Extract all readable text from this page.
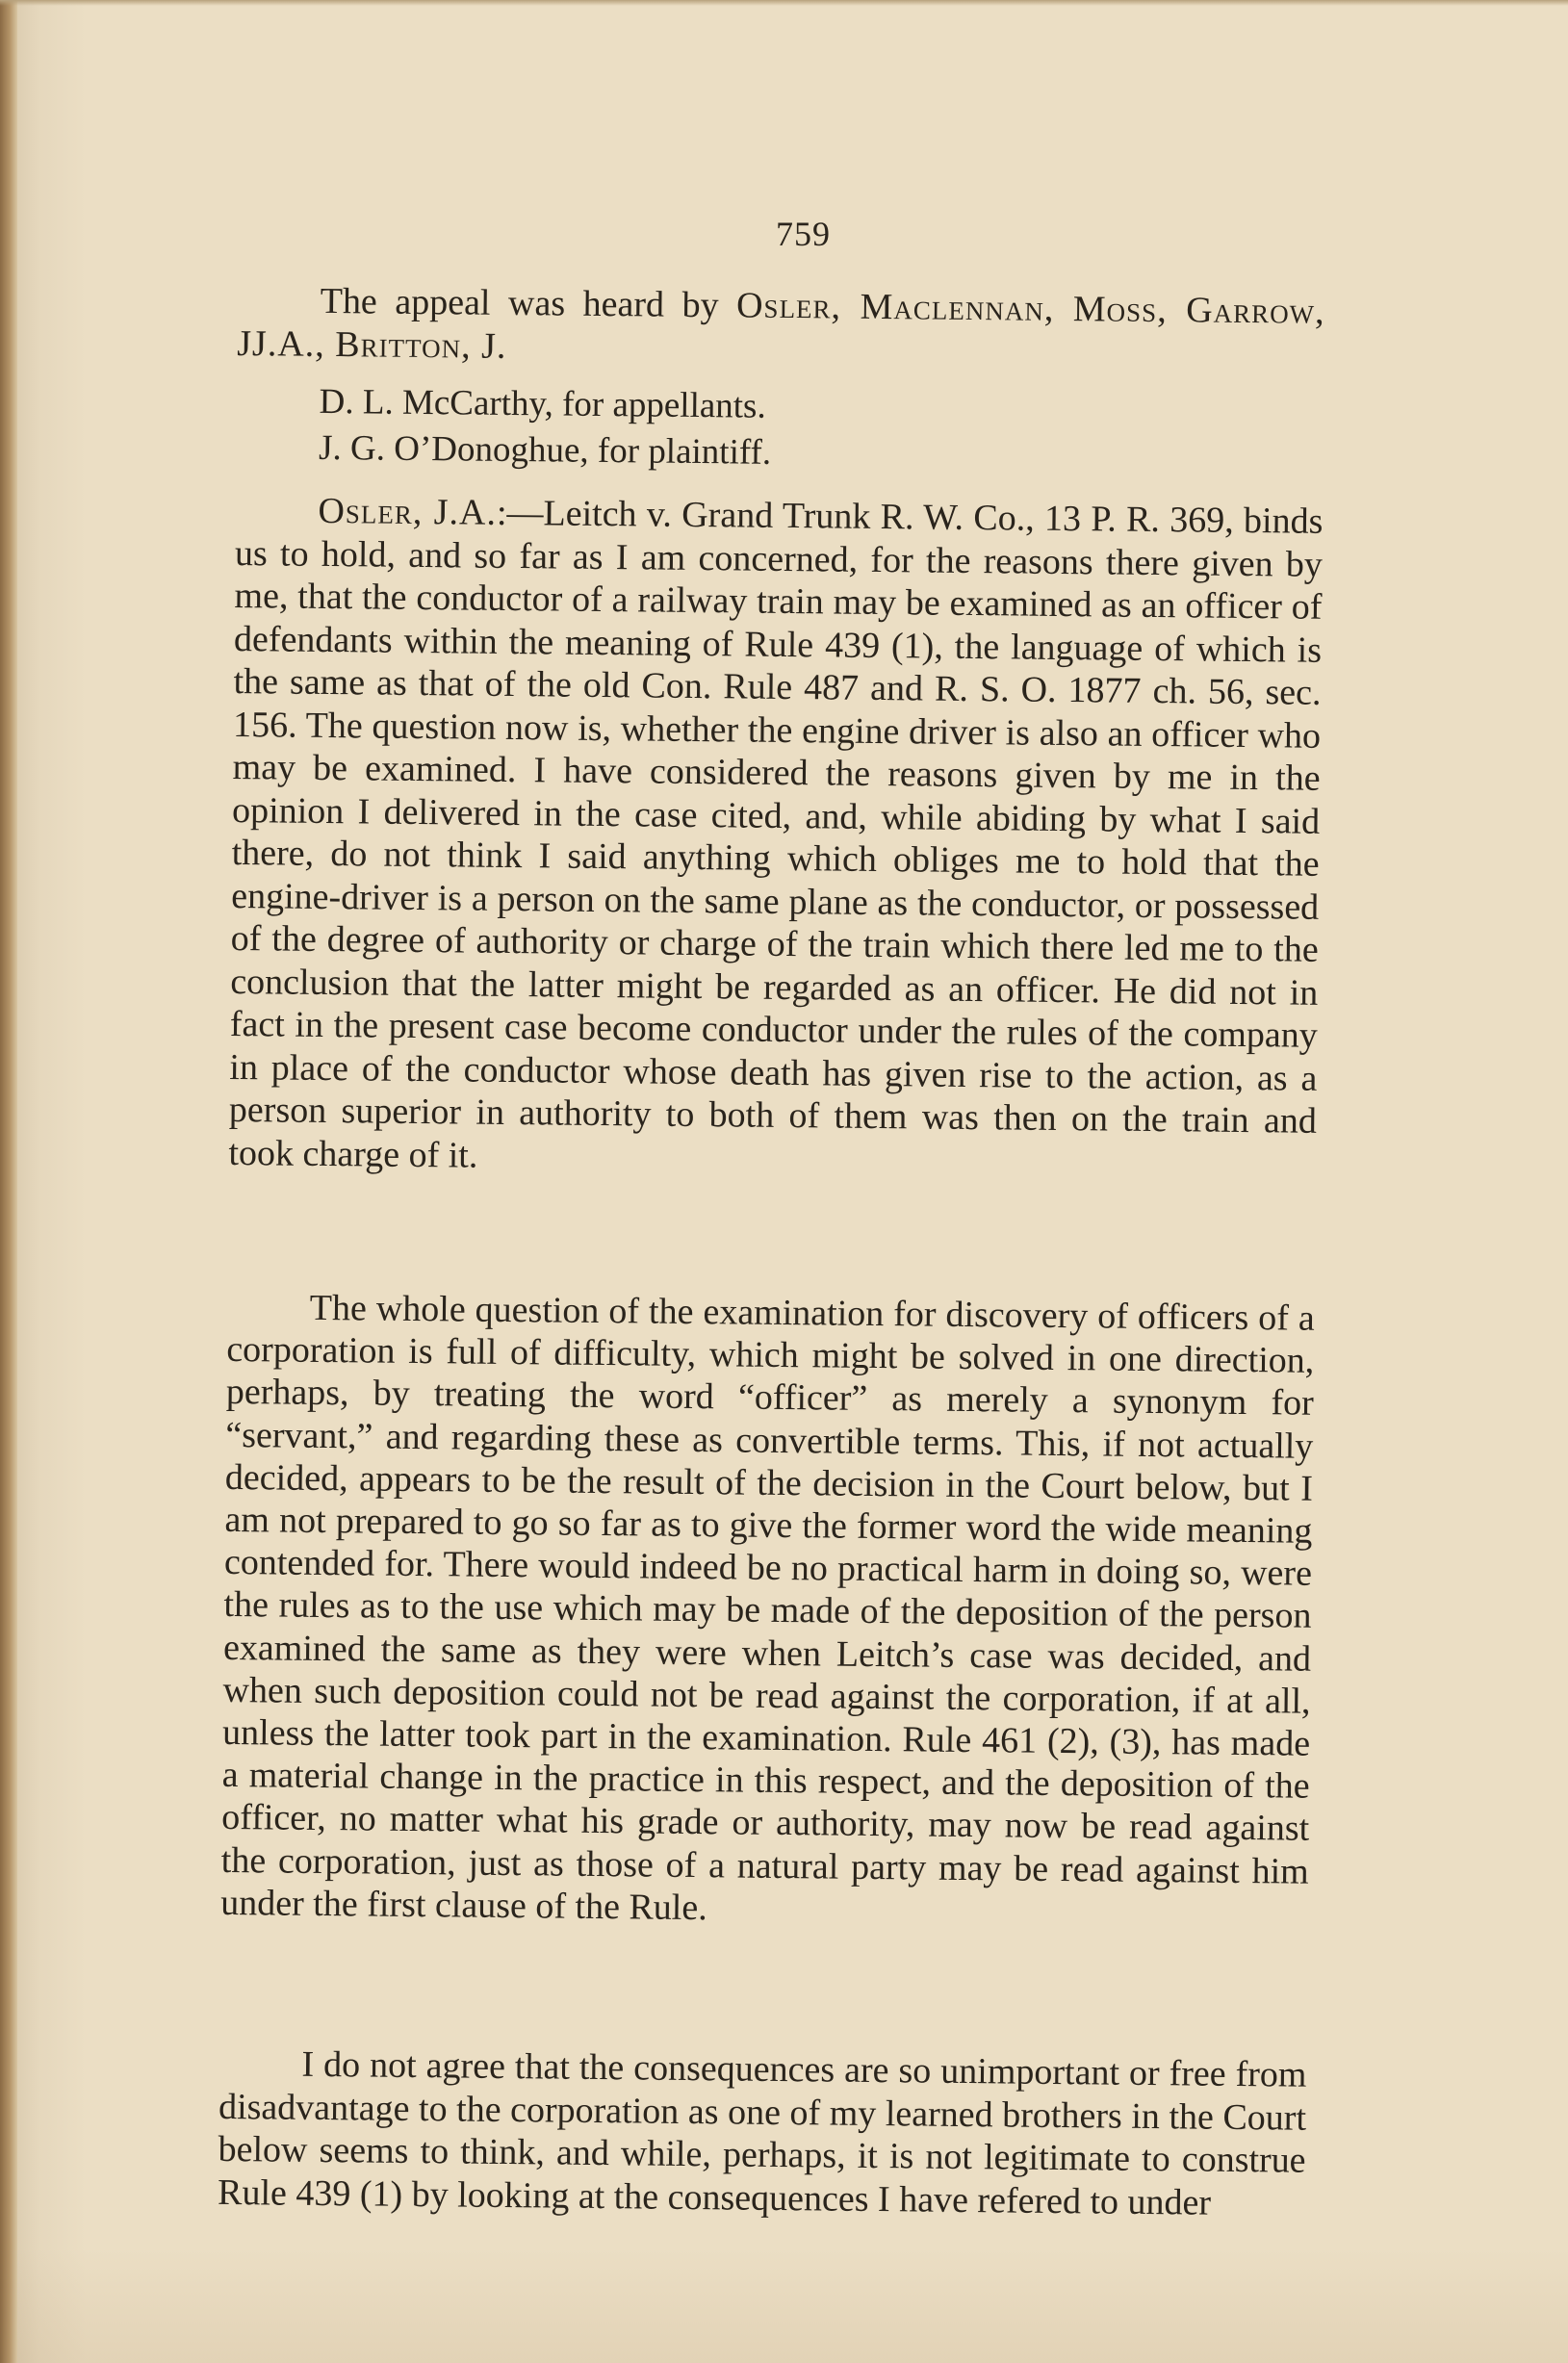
759
The appeal was heard by Osler, Maclennan, Moss, Garrow, JJ.A., Britton, J.
D. L. McCarthy, for appellants.
J. G. O’Donoghue, for plaintiff.
Osler, J.A.:—Leitch v. Grand Trunk R. W. Co., 13 P. R. 369, binds us to hold, and so far as I am concerned, for the reasons there given by me, that the conductor of a railway train may be examined as an officer of defendants within the meaning of Rule 439 (1), the language of which is the same as that of the old Con. Rule 487 and R. S. O. 1877 ch. 56, sec. 156. The question now is, whether the engine driver is also an officer who may be examined. I have considered the reasons given by me in the opinion I delivered in the case cited, and, while abiding by what I said there, do not think I said anything which obliges me to hold that the engine-driver is a person on the same plane as the conductor, or possessed of the degree of authority or charge of the train which there led me to the conclusion that the latter might be regarded as an officer. He did not in fact in the present case become conductor under the rules of the company in place of the conductor whose death has given rise to the action, as a person superior in authority to both of them was then on the train and took charge of it.
The whole question of the examination for discovery of officers of a corporation is full of difficulty, which might be solved in one direction, perhaps, by treating the word “officer” as merely a synonym for “servant,” and regarding these as convertible terms. This, if not actually decided, appears to be the result of the decision in the Court below, but I am not prepared to go so far as to give the former word the wide meaning contended for. There would indeed be no practical harm in doing so, were the rules as to the use which may be made of the deposition of the person examined the same as they were when Leitch’s case was decided, and when such deposition could not be read against the corporation, if at all, unless the latter took part in the examination. Rule 461 (2), (3), has made a material change in the practice in this respect, and the deposition of the officer, no matter what his grade or authority, may now be read against the corporation, just as those of a natural party may be read against him under the first clause of the Rule.
I do not agree that the consequences are so unimportant or free from disadvantage to the corporation as one of my learned brothers in the Court below seems to think, and while, perhaps, it is not legitimate to construe Rule 439 (1) by looking at the consequences I have refered to under
